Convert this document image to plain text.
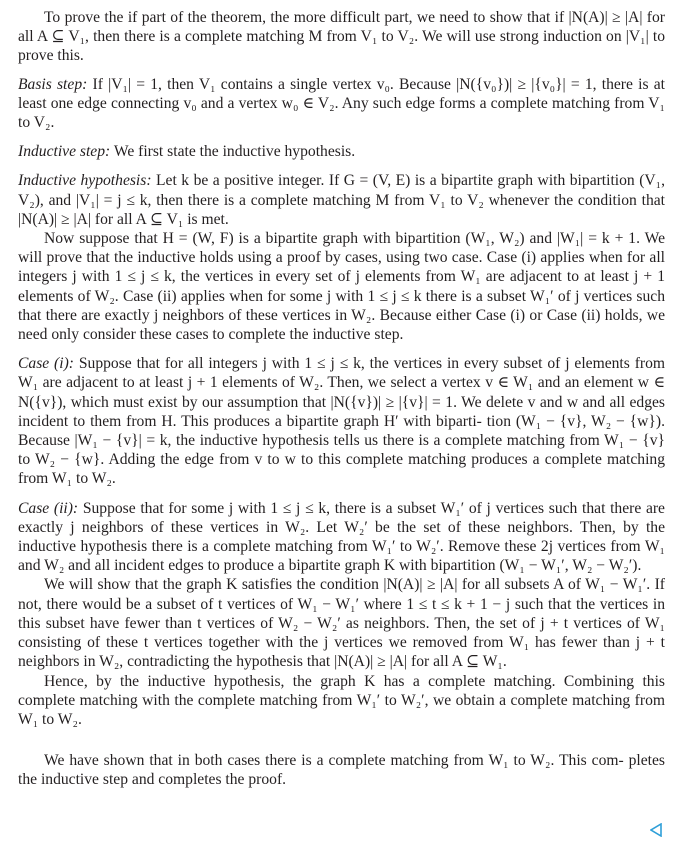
To prove the if part of the theorem, the more difficult part, we need to show that if |N(A)| ≥ |A| for all A ⊆ V₁, then there is a complete matching M from V₁ to V₂. We will use strong induction on |V₁| to prove this.

Basis step: If |V₁| = 1, then V₁ contains a single vertex v₀. Because |N({v₀})| ≥ |{v₀}| = 1, there is at least one edge connecting v₀ and a vertex w₀ ∈ V₂. Any such edge forms a complete matching from V₁ to V₂.

Inductive step: We first state the inductive hypothesis.

Inductive hypothesis: Let k be a positive integer. If G = (V, E) is a bipartite graph with bipartition (V₁, V₂), and |V₁| = j ≤ k, then there is a complete matching M from V₁ to V₂ whenever the condition that |N(A)| ≥ |A| for all A ⊆ V₁ is met.

Now suppose that H = (W, F) is a bipartite graph with bipartition (W₁, W₂) and |W₁| = k + 1. We will prove that the inductive holds using a proof by cases, using two case. Case (i) applies when for all integers j with 1 ≤ j ≤ k, the vertices in every set of j elements from W₁ are adjacent to at least j + 1 elements of W₂. Case (ii) applies when for some j with 1 ≤ j ≤ k there is a subset W₁′ of j vertices such that there are exactly j neighbors of these vertices in W₂. Because either Case (i) or Case (ii) holds, we need only consider these cases to complete the inductive step.

Case (i): Suppose that for all integers j with 1 ≤ j ≤ k, the vertices in every subset of j elements from W₁ are adjacent to at least j + 1 elements of W₂. Then, we select a vertex v ∈ W₁ and an element w ∈ N({v}), which must exist by our assumption that |N({v})| ≥ |{v}| = 1. We delete v and w and all edges incident to them from H. This produces a bipartite graph H′ with biparti- tion (W₁ − {v}, W₂ − {w}). Because |W₁ − {v}| = k, the inductive hypothesis tells us there is a complete matching from W₁ − {v} to W₂ − {w}. Adding the edge from v to w to this complete matching produces a complete matching from W₁ to W₂.

Case (ii): Suppose that for some j with 1 ≤ j ≤ k, there is a subset W₁′ of j vertices such that there are exactly j neighbors of these vertices in W₂. Let W₂′ be the set of these neighbors. Then, by the inductive hypothesis there is a complete matching from W₁′ to W₂′. Remove these 2j vertices from W₁ and W₂ and all incident edges to produce a bipartite graph K with bipartition (W₁ − W₁′, W₂ − W₂′).

We will show that the graph K satisfies the condition |N(A)| ≥ |A| for all subsets A of W₁ − W₁′. If not, there would be a subset of t vertices of W₁ − W₁′ where 1 ≤ t ≤ k + 1 − j such that the vertices in this subset have fewer than t vertices of W₂ − W₂′ as neighbors. Then, the set of j + t vertices of W₁ consisting of these t vertices together with the j vertices we removed from W₁ has fewer than j + t neighbors in W₂, contradicting the hypothesis that |N(A)| ≥ |A| for all A ⊆ W₁.

Hence, by the inductive hypothesis, the graph K has a complete matching. Combining this complete matching with the complete matching from W₁′ to W₂′, we obtain a complete matching from W₁ to W₂.

We have shown that in both cases there is a complete matching from W₁ to W₂. This com- pletes the inductive step and completes the proof.
